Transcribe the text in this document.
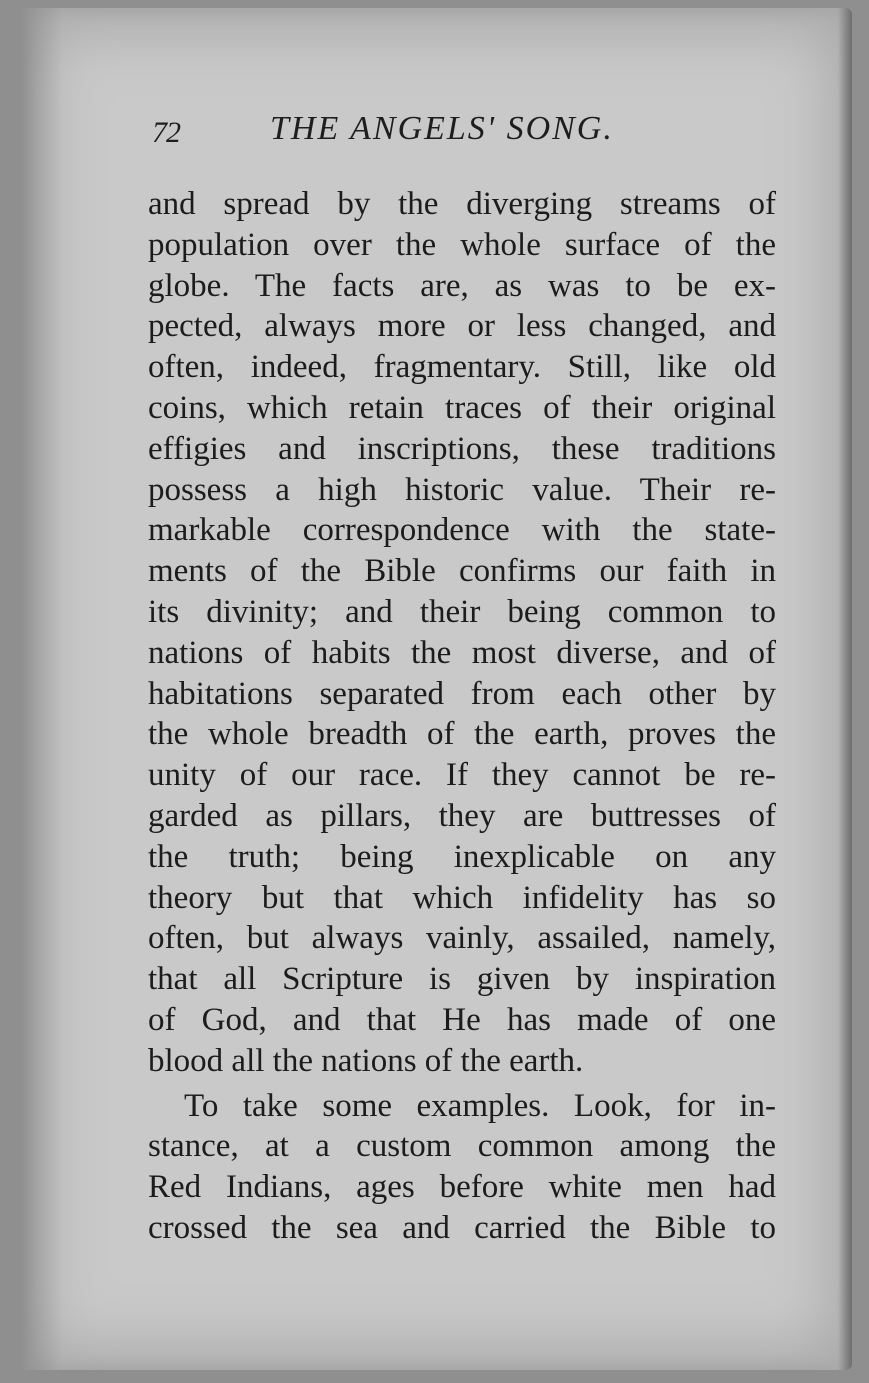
72	THE ANGELS' SONG.
and spread by the diverging streams of
population over the whole surface of the
globe. The facts are, as was to be ex-
pected, always more or less changed, and
often, indeed, fragmentary. Still, like old
coins, which retain traces of their original
effigies and inscriptions, these traditions
possess a high historic value. Their re-
markable correspondence with the state-
ments of the Bible confirms our faith in
its divinity; and their being common to
nations of habits the most diverse, and of
habitations separated from each other by
the whole breadth of the earth, proves the
unity of our race. If they cannot be re-
garded as pillars, they are buttresses of
the truth; being inexplicable on any
theory but that which infidelity has so
often, but always vainly, assailed, namely,
that all Scripture is given by inspiration
of God, and that He has made of one
blood all the nations of the earth.
To take some examples. Look, for in-
stance, at a custom common among the
Red Indians, ages before white men had
crossed the sea and carried the Bible to
